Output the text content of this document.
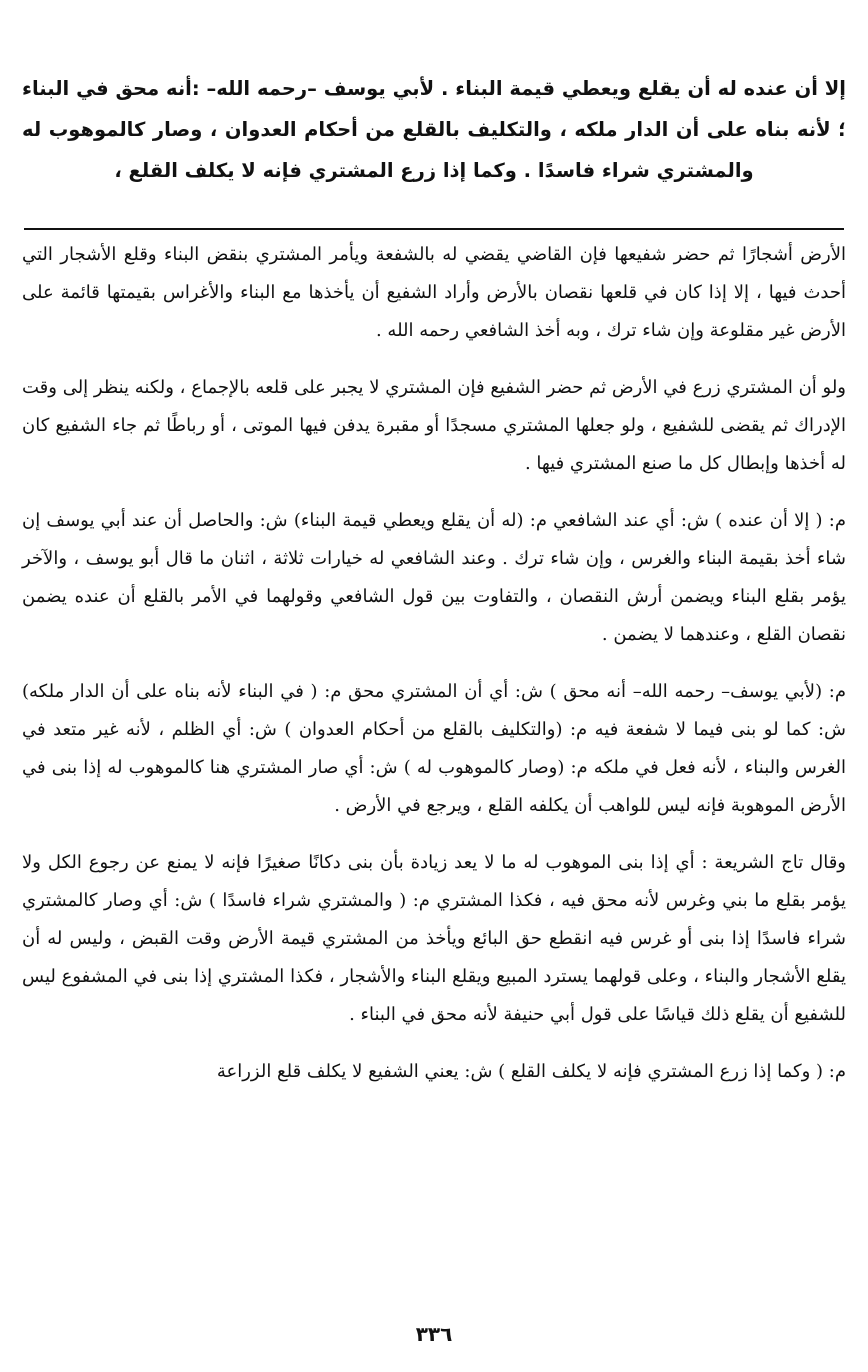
إلا أن عنده له أن يقلع ويعطي قيمة البناء . لأبي يوسف –رحمه الله– :أنه محق في البناء ؛ لأنه بناه على أن الدار ملكه ، والتكليف بالقلع من أحكام العدوان ، وصار كالموهوب له والمشتري شراء فاسدًا . وكما إذا زرع المشتري فإنه لا يكلف القلع ،

الأرض أشجارًا ثم حضر شفيعها فإن القاضي يقضي له بالشفعة ويأمر المشتري بنقض البناء وقلع الأشجار التي أحدث فيها ، إلا إذا كان في قلعها نقصان بالأرض وأراد الشفيع أن يأخذها مع البناء والأغراس بقيمتها قائمة على الأرض غير مقلوعة وإن شاء ترك ، وبه أخذ الشافعي رحمه الله .

ولو أن المشتري زرع في الأرض ثم حضر الشفيع فإن المشتري لا يجبر على قلعه بالإجماع ، ولكنه ينظر إلى وقت الإدراك ثم يقضى للشفيع ، ولو جعلها المشتري مسجدًا أو مقبرة يدفن فيها الموتى ، أو رباطًا ثم جاء الشفيع كان له أخذها وإبطال كل ما صنع المشتري فيها .

م: ( إلا أن عنده ) ش: أي عند الشافعي م: (له أن يقلع ويعطي قيمة البناء) ش: والحاصل أن عند أبي يوسف إن شاء أخذ بقيمة البناء والغرس ، وإن شاء ترك . وعند الشافعي له خيارات ثلاثة ، اثنان ما قال أبو يوسف ، والآخر يؤمر بقلع البناء ويضمن أرش النقصان ، والتفاوت بين قول الشافعي وقولهما في الأمر بالقلع أن عنده يضمن نقصان القلع ، وعندهما لا يضمن .

م: (لأبي يوسف– رحمه الله– أنه محق ) ش: أي أن المشتري محق م: ( في البناء لأنه بناه على أن الدار ملكه) ش: كما لو بنى فيما لا شفعة فيه م: (والتكليف بالقلع من أحكام العدوان ) ش: أي الظلم ، لأنه غير متعد في الغرس والبناء ، لأنه فعل في ملكه م: (وصار كالموهوب له ) ش: أي صار المشتري هنا كالموهوب له إذا بنى في الأرض الموهوبة فإنه ليس للواهب أن يكلفه القلع ، ويرجع في الأرض .

وقال تاج الشريعة : أي إذا بنى الموهوب له ما لا يعد زيادة بأن بنى دكانًا صغيرًا فإنه لا يمنع عن رجوع الكل ولا يؤمر بقلع ما بني وغرس لأنه محق فيه ، فكذا المشتري م: ( والمشتري شراء فاسدًا ) ش: أي وصار كالمشتري شراء فاسدًا إذا بنى أو غرس فيه انقطع حق البائع ويأخذ من المشتري قيمة الأرض وقت القبض ، وليس له أن يقلع الأشجار والبناء ، وعلى قولهما يسترد المبيع ويقلع البناء والأشجار ، فكذا المشتري إذا بنى في المشفوع ليس للشفيع أن يقلع ذلك قياسًا على قول أبي حنيفة لأنه محق في البناء .

م: ( وكما إذا زرع المشتري فإنه لا يكلف القلع ) ش: يعني الشفيع لا يكلف قلع الزراعة

٣٣٦
